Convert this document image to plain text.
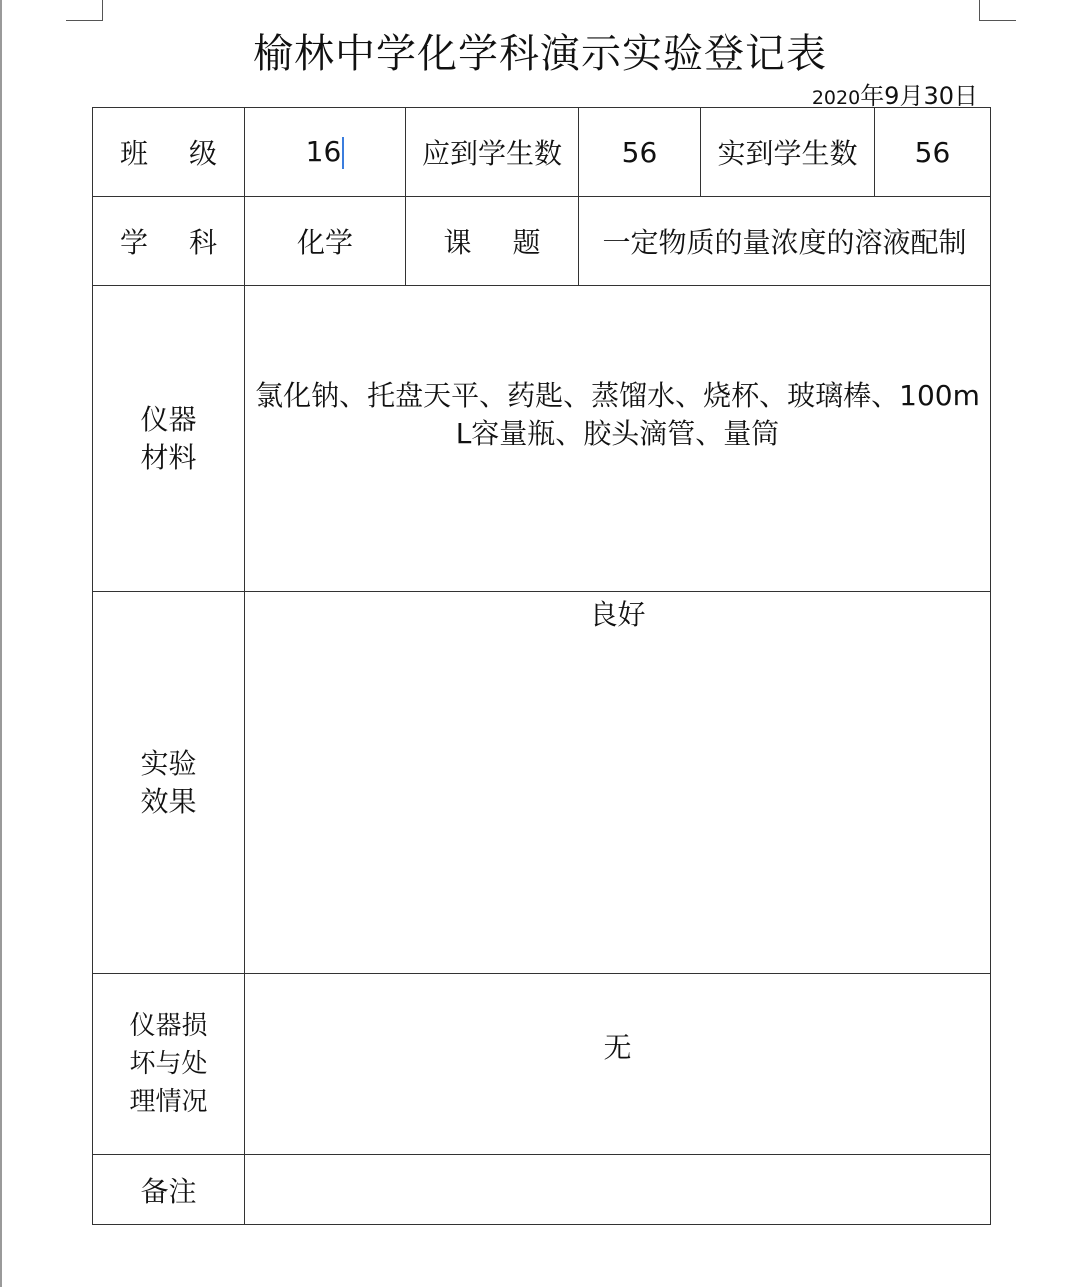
榆林中学化学科演示实验登记表
2020年9月30日
班 级	16	应到学生数	56	实到学生数	56
学 科	化学	课 题	一定物质的量浓度的溶液配制		
仪器
材料	氯化钠、托盘天平、药匙、蒸馏水、烧杯、玻璃棒、100mL容量瓶、胶头滴管、量筒				

实验
效果	良好				

仪器损
坏与处
理情况	无				

备注					
